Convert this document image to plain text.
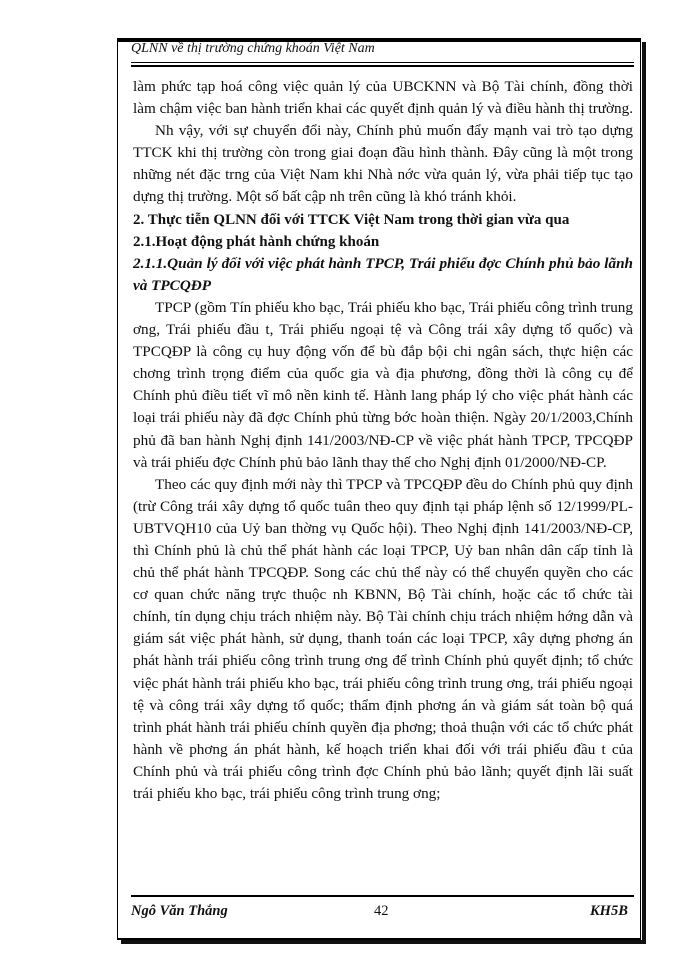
QLNN về thị trường chứng khoán Việt Nam

làm phức tạp hoá công việc quản lý của UBCKNN và Bộ Tài chính, đồng thời làm chậm việc ban hành triển khai các quyết định quản lý và điều hành thị trường.

Nh vậy, với sự chuyển đổi này, Chính phủ muốn đẩy mạnh vai trò tạo dựng TTCK khi thị trường còn trong giai đoạn đầu hình thành. Đây cũng là một trong những nét đặc trng của Việt Nam khi Nhà nớc vừa quản lý, vừa phải tiếp tục tạo dựng thị trường. Một số bất cập nh trên cũng là khó tránh khỏi.

2. Thực tiễn QLNN đối với TTCK Việt Nam trong thời gian vừa qua

2.1.Hoạt động phát hành chứng khoán

2.1.1.Quản lý đối với việc phát hành TPCP, Trái phiếu đợc Chính phủ bảo lãnh và TPCQĐP

TPCP (gồm Tín phiếu kho bạc, Trái phiếu kho bạc, Trái phiếu công trình trung ơng, Trái phiếu đầu t, Trái phiếu ngoại tệ và Công trái xây dựng tổ quốc) và TPCQĐP là công cụ huy động vốn để bù đắp bội chi ngân sách, thực hiện các chơng trình trọng điểm của quốc gia và địa phương, đồng thời là công cụ để Chính phủ điều tiết vĩ mô nền kinh tế. Hành lang pháp lý cho việc phát hành các loại trái phiếu này đã đợc Chính phủ từng bớc hoàn thiện. Ngày 20/1/2003,Chính phủ đã ban hành Nghị định 141/2003/NĐ-CP về việc phát hành TPCP, TPCQĐP và trái phiếu đợc Chính phủ bảo lãnh thay thế cho Nghị định 01/2000/NĐ-CP.

Theo các quy định mới này thì TPCP và TPCQĐP đều do Chính phủ quy định (trừ Công trái xây dựng tổ quốc tuân theo quy định tại pháp lệnh số 12/1999/PL-UBTVQH10 của Uỷ ban thờng vụ Quốc hội). Theo Nghị định 141/2003/NĐ-CP, thì Chính phủ là chủ thể phát hành các loại TPCP, Uỷ ban nhân dân cấp tỉnh là chủ thể phát hành TPCQĐP. Song các chủ thể này có thể chuyển quyền cho các cơ quan chức năng trực thuộc nh KBNN, Bộ Tài chính, hoặc các tổ chức tài chính, tín dụng chịu trách nhiệm này. Bộ Tài chính chịu trách nhiệm hớng dẫn và giám sát việc phát hành, sử dụng, thanh toán các loại TPCP, xây dựng phơng án phát hành trái phiếu công trình trung ơng để trình Chính phủ quyết định; tổ chức việc phát hành trái phiếu kho bạc, trái phiếu công trình trung ơng, trái phiếu ngoại tệ và công trái xây dựng tổ quốc; thẩm định phơng án và giám sát toàn bộ quá trình phát hành trái phiếu chính quyền địa phơng; thoả thuận với các tổ chức phát hành về phơng án phát hành, kế hoạch triển khai đối với trái phiếu đầu t của Chính phủ và trái phiếu công trình đợc Chính phủ bảo lãnh; quyết định lãi suất trái phiếu kho bạc, trái phiếu công trình trung ơng;

Ngô Văn Thắng	42	KH5B
